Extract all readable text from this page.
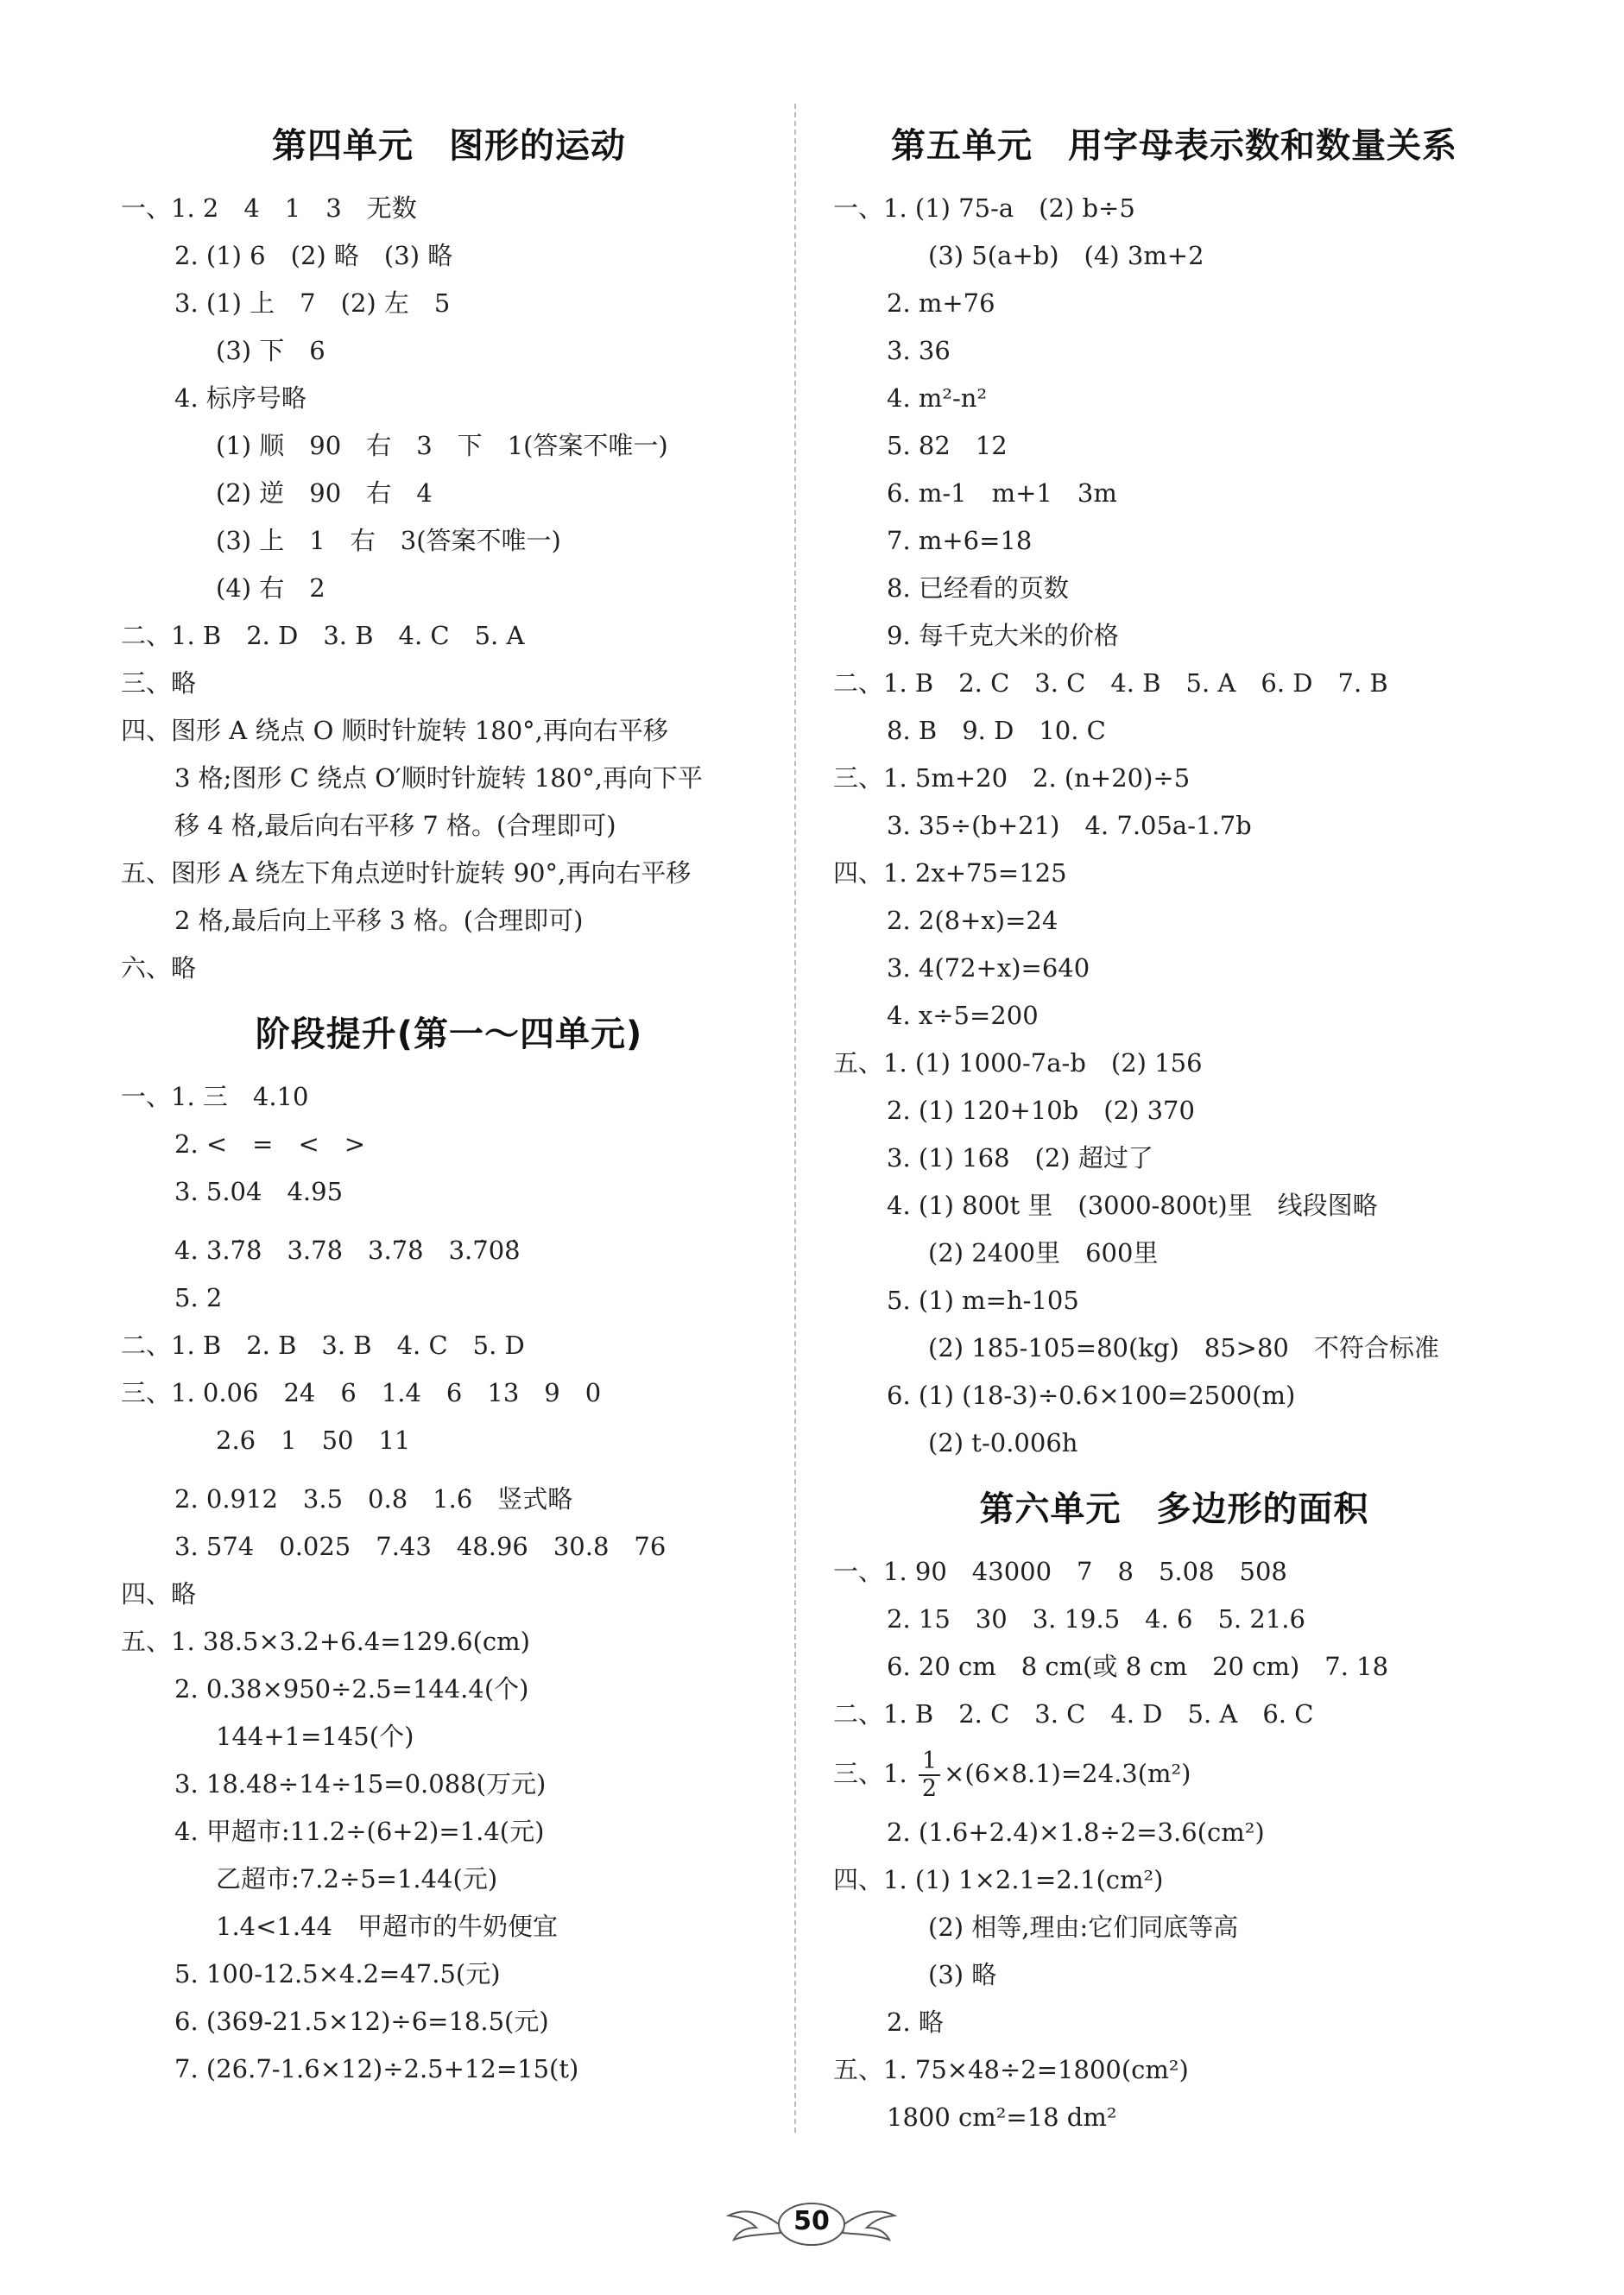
第四单元　图形的运动
一、1. 2　4　1　3　无数
2. (1) 6　(2) 略　(3) 略
3. (1) 上　7　(2) 左　5
(3) 下　6
4. 标序号略
(1) 顺　90　右　3　下　1(答案不唯一)
(2) 逆　90　右　4
(3) 上　1　右　3(答案不唯一)
(4) 右　2
二、1. B　2. D　3. B　4. C　5. A
三、略
四、图形 A 绕点 O 顺时针旋转 180°,再向右平移
3 格;图形 C 绕点 O′顺时针旋转 180°,再向下平
移 4 格,最后向右平移 7 格。(合理即可)
五、图形 A 绕左下角点逆时针旋转 90°,再向右平移
2 格,最后向上平移 3 格。(合理即可)
六、略
阶段提升(第一～四单元)
一、1. 三　4.10
2. <　=　<　>
3. 5.04　4.95
4. 3.7̇8̇　3.78̇　3.7̇8̇　3.7̇08̇
5. 2
二、1. B　2. B　3. B　4. C　5. D
三、1. 0.06　24　6　1.4　6　13　9　0
2.6　1　50　11
2. 0.912　3.5　0.8　1.6̇　竖式略
3. 574　0.025　7.43　48.96　30.8　76
四、略
五、1. 38.5×3.2+6.4=129.6(cm)
2. 0.38×950÷2.5=144.4(个)
144+1=145(个)
3. 18.48÷14÷15=0.088(万元)
4. 甲超市:11.2÷(6+2)=1.4(元)
乙超市:7.2÷5=1.44(元)
1.4<1.44　甲超市的牛奶便宜
5. 100-12.5×4.2=47.5(元)
6. (369-21.5×12)÷6=18.5(元)
7. (26.7-1.6×12)÷2.5+12=15(t)
第五单元　用字母表示数和数量关系
一、1. (1) 75-a　(2) b÷5
(3) 5(a+b)　(4) 3m+2
2. m+76
3. 36
4. m²-n²
5. 82　12
6. m-1　m+1　3m
7. m+6=18
8. 已经看的页数
9. 每千克大米的价格
二、1. B　2. C　3. C　4. B　5. A　6. D　7. B
8. B　9. D　10. C
三、1. 5m+20　2. (n+20)÷5
3. 35÷(b+21)　4. 7.05a-1.7b
四、1. 2x+75=125
2. 2(8+x)=24
3. 4(72+x)=640
4. x÷5=200
五、1. (1) 1000-7a-b　(2) 156
2. (1) 120+10b　(2) 370
3. (1) 168　(2) 超过了
4. (1) 800t 里　(3000-800t)里　线段图略
(2) 2400里　600里
5. (1) m=h-105
(2) 185-105=80(kg)　85>80　不符合标准
6. (1) (18-3)÷0.6×100=2500(m)
(2) t-0.006h
第六单元　多边形的面积
一、1. 90　43000　7　8　5.08　508
2. 15　30　3. 19.5　4. 6　5. 21.6
6. 20 cm　8 cm(或 8 cm　20 cm)　7. 18
二、1. B　2. C　3. C　4. D　5. A　6. C
三、1. $\frac{1}{2} \times(6\times 8.1)=24.3(m^2)$
2. (1.6+2.4)×1.8÷2=3.6(cm²)
四、1. (1) 1×2.1=2.1(cm²)
(2) 相等,理由:它们同底等高
(3) 略
2. 略
五、1. 75×48÷2=1800(cm²)
1800 cm²=18 dm²
50
